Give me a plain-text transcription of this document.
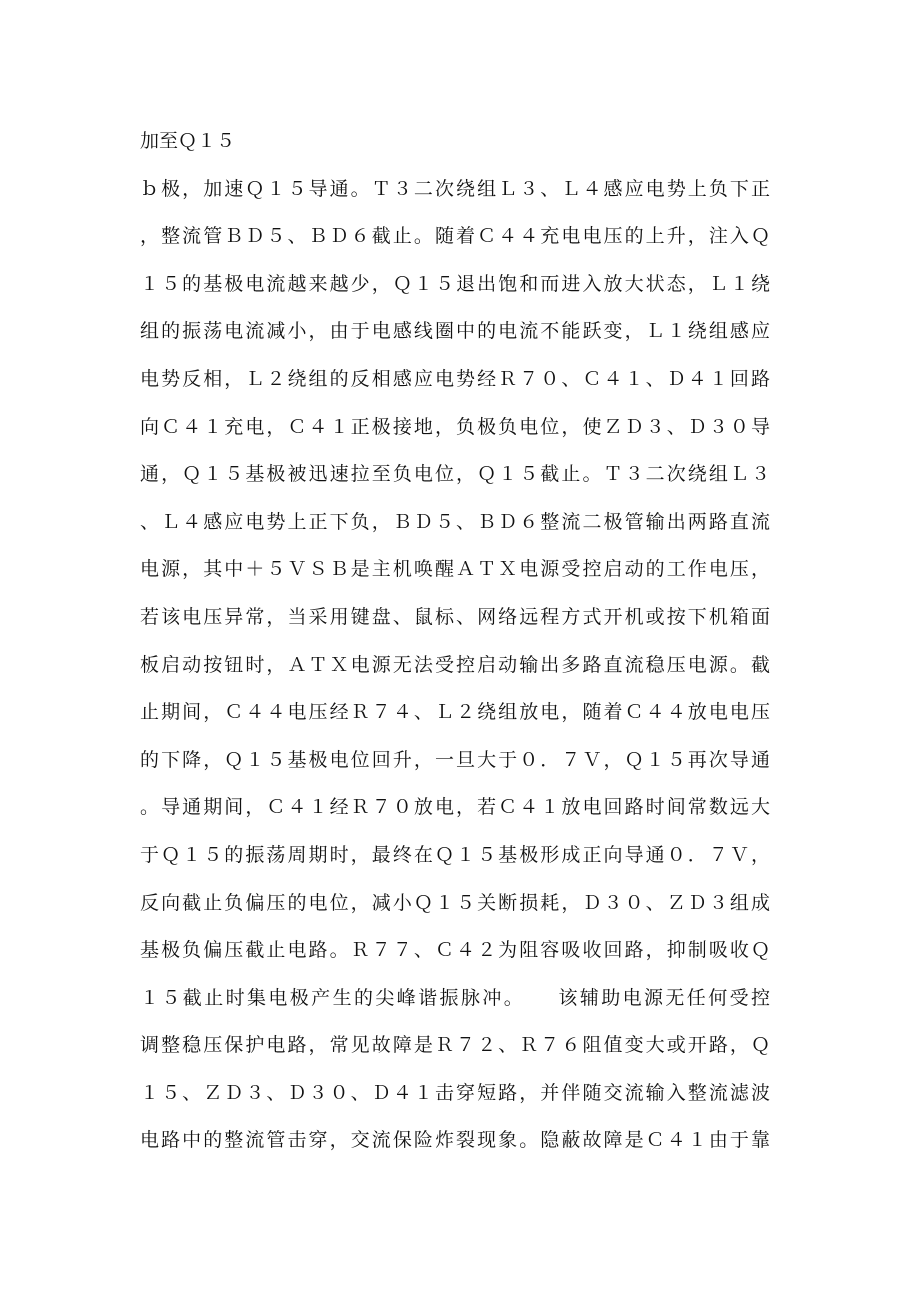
加至Ｑ１５
ｂ极，加速Ｑ１５导通。Ｔ３二次绕组Ｌ３、Ｌ４感应电势上负下正
，整流管ＢＤ５、ＢＤ６截止。随着Ｃ４４充电电压的上升，注入Ｑ
１５的基极电流越来越少，Ｑ１５退出饱和而进入放大状态，Ｌ１绕
组的振荡电流减小，由于电感线圈中的电流不能跃变，Ｌ１绕组感应
电势反相，Ｌ２绕组的反相感应电势经Ｒ７０、Ｃ４１、Ｄ４１回路
向Ｃ４１充电，Ｃ４１正极接地，负极负电位，使ＺＤ３、Ｄ３０导
通，Ｑ１５基极被迅速拉至负电位，Ｑ１５截止。Ｔ３二次绕组Ｌ３
、Ｌ４感应电势上正下负，ＢＤ５、ＢＤ６整流二极管输出两路直流
电源，其中＋５ＶＳＢ是主机唤醒ＡＴＸ电源受控启动的工作电压，
若该电压异常，当采用键盘、鼠标、网络远程方式开机或按下机箱面
板启动按钮时，ＡＴＸ电源无法受控启动输出多路直流稳压电源。截
止期间，Ｃ４４电压经Ｒ７４、Ｌ２绕组放电，随着Ｃ４４放电电压
的下降，Ｑ１５基极电位回升，一旦大于０．７Ｖ，Ｑ１５再次导通
。导通期间，Ｃ４１经Ｒ７０放电，若Ｃ４１放电回路时间常数远大
于Ｑ１５的振荡周期时，最终在Ｑ１５基极形成正向导通０．７Ｖ，
反向截止负偏压的电位，减小Ｑ１５关断损耗，Ｄ３０、ＺＤ３组成
基极负偏压截止电路。Ｒ７７、Ｃ４２为阻容吸收回路，抑制吸收Ｑ
１５截止时集电极产生的尖峰谐振脉冲。　　该辅助电源无任何受控
调整稳压保护电路，常见故障是Ｒ７２、Ｒ７６阻值变大或开路，Ｑ
１５、ＺＤ３、Ｄ３０、Ｄ４１击穿短路，并伴随交流输入整流滤波
电路中的整流管击穿，交流保险炸裂现象。隐蔽故障是Ｃ４１由于靠
